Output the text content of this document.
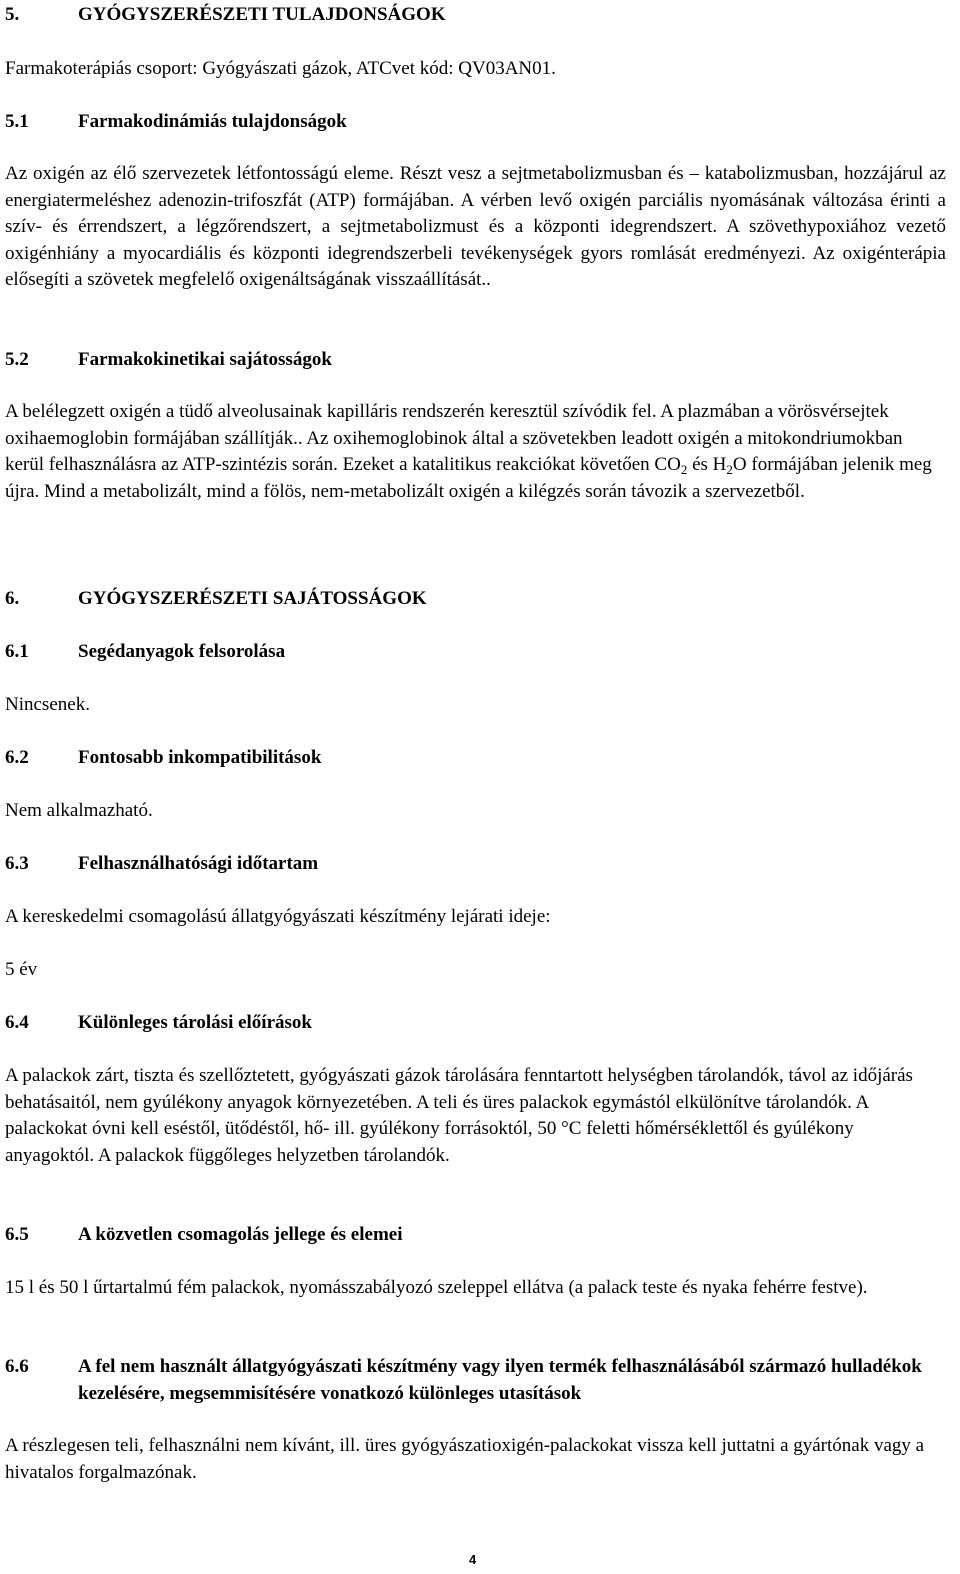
5.	GYÓGYSZERÉSZETI TULAJDONSÁGOK
Farmakoterápiás csoport: Gyógyászati gázok, ATCvet kód: QV03AN01.
5.1	Farmakodinámiás tulajdonságok
Az oxigén az élő szervezetek létfontosságú eleme. Részt vesz a sejtmetabolizmusban és – katabolizmusban, hozzájárul az energiatermeléshez adenozin-trifoszfát (ATP) formájában. A vérben levő oxigén parciális nyomásának változása érinti a szív- és érrendszert, a légzőrendszert, a sejtmetabolizmust és a központi idegrendszert. A szövethypoxiához vezető oxigénhiány a myocardiális és központi idegrendszerbeli tevékenységek gyors romlását eredményezi. Az oxigénterápia elősegíti a szövetek megfelelő oxigenáltságának visszaállítását..
5.2	Farmakokinetikai sajátosságok
A belélegzett oxigén a tüdő alveolusainak kapilláris rendszerén keresztül szívódik fel. A plazmában a vörösvérsejtek oxihaemoglobin formájában szállítják.. Az oxihemoglobinok által a szövetekben leadott oxigén a mitokondriumokban kerül felhasználásra az ATP-szintézis során. Ezeket a katalitikus reakciókat követően $CO_2$ és $H_2O$ formájában jelenik meg újra. Mind a metabolizált, mind a fölös, nem-metabolizált oxigén a kilégzés során távozik a szervezetből.
6.	GYÓGYSZERÉSZETI SAJÁTOSSÁGOK
6.1	Segédanyagok felsorolása
Nincsenek.
6.2	Fontosabb inkompatibilitások
Nem alkalmazható.
6.3	Felhasználhatósági időtartam
A kereskedelmi csomagolású állatgyógyászati készítmény lejárati ideje:
5 év
6.4	Különleges tárolási előírások
A palackok zárt, tiszta és szellőztetett, gyógyászati gázok tárolására fenntartott helységben tárolandók, távol az időjárás behatásaitól, nem gyúlékony anyagok környezetében. A teli és üres palackok egymástól elkülönítve tárolandók. A palackokat óvni kell eséstől, ütődéstől, hő- ill. gyúlékony forrásoktól, 50 °C feletti hőmérséklettől és gyúlékony anyagoktól. A palackok függőleges helyzetben tárolandók.
6.5	A közvetlen csomagolás jellege és elemei
15 l és 50 l űrtartalmú fém palackok, nyomásszabályozó szeleppel ellátva (a palack teste és nyaka fehérre festve).
6.6	A fel nem használt állatgyógyászati készítmény vagy ilyen termék felhasználásából származó hulladékok kezelésére, megsemmisítésére vonatkozó különleges utasítások
A részlegesen teli, felhasználni nem kívánt, ill. üres gyógyászatioxigén-palackokat vissza kell juttatni a gyártónak vagy a hivatalos forgalmazónak.
4
